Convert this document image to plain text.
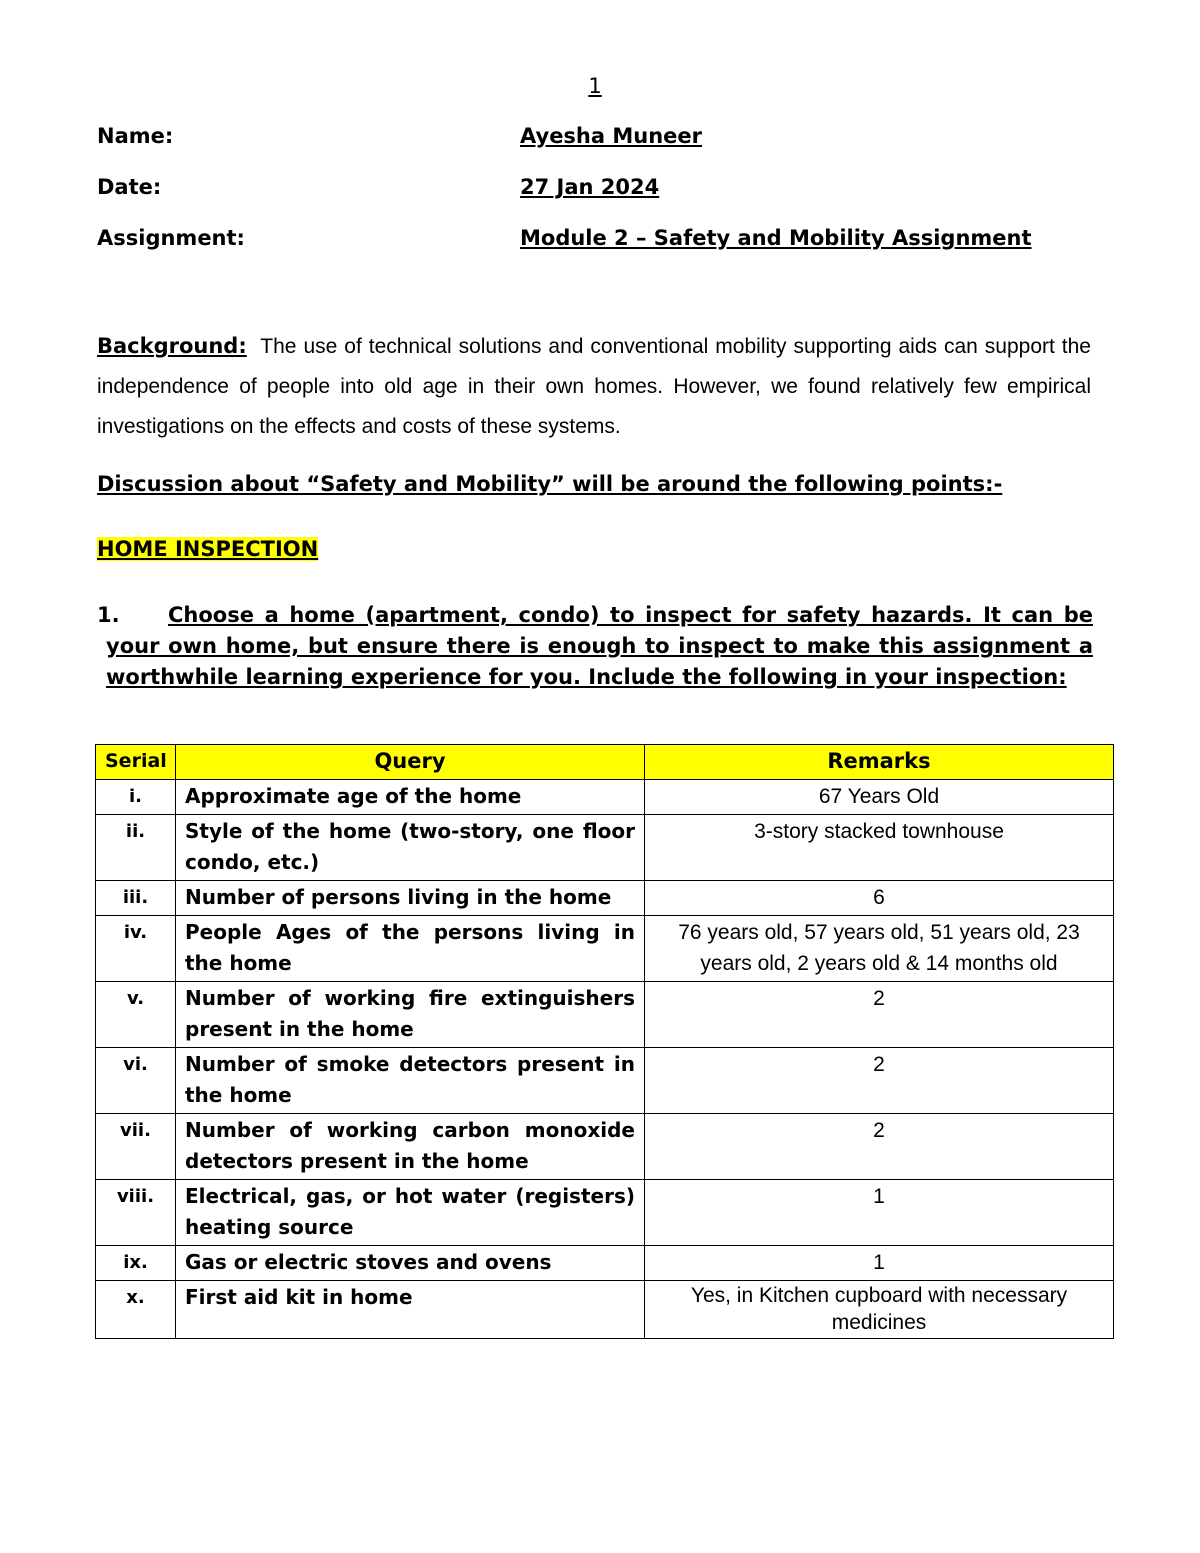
1
Name:	Ayesha Muneer
Date:	27 Jan 2024
Assignment:	Module 2 – Safety and Mobility Assignment
Background: The use of technical solutions and conventional mobility supporting aids can support the independence of people into old age in their own homes. However, we found relatively few empirical investigations on the effects and costs of these systems.
Discussion about “Safety and Mobility” will be around the following points:-
HOME INSPECTION
1.	Choose a home (apartment, condo) to inspect for safety hazards. It can be your own home, but ensure there is enough to inspect to make this assignment a worthwhile learning experience for you. Include the following in your inspection:
Serial	Query	Remarks
i.	Approximate age of the home	67 Years Old
ii.	Style of the home (two-story, one floor condo, etc.)	3-story stacked townhouse
iii.	Number of persons living in the home	6
iv.	People Ages of the persons living in the home	76 years old, 57 years old, 51 years old, 23 years old, 2 years old & 14 months old
v.	Number of working fire extinguishers present in the home	2
vi.	Number of smoke detectors present in the home	2
vii.	Number of working carbon monoxide detectors present in the home	2
viii.	Electrical, gas, or hot water (registers) heating source	1
ix.	Gas or electric stoves and ovens	1
x.	First aid kit in home	Yes, in Kitchen cupboard with necessary medicines
